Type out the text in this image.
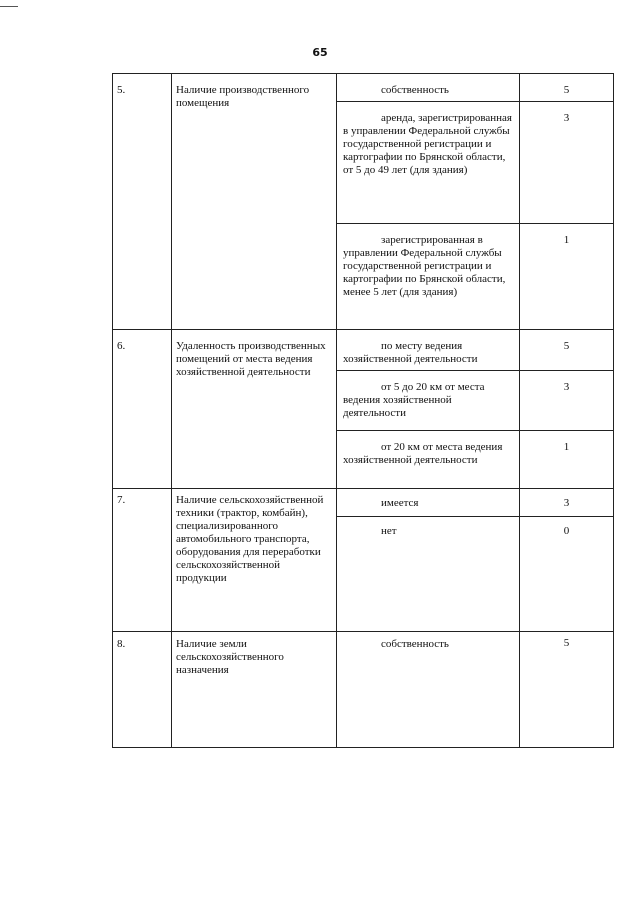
65
5.	Наличие производственного помещения	собственность	5

		аренда, зарегистрированная в управлении Федеральной службы государственной регистрации и картографии по Брянской области, от 5 до 49 лет (для здания)	3

		зарегистрированная в управлении Федеральной службы государственной регистрации и картографии по Брянской области, менее 5 лет (для здания)	1

6.	Удаленность производственных помещений от места ведения хозяйственной деятельности	по месту ведения хозяйственной деятельности	5

		от 5 до 20 км от места ведения хозяйственной деятельности	3

		от 20 км от места ведения хозяйственной деятельности	1

7.	Наличие сельскохозяйственной техники (трактор, комбайн), специализированного автомобильного транспорта, оборудования для переработки сельскохозяйственной продукции	имеется	3

		нет	0

8.	Наличие земли сельскохозяйственного назначения	собственность	5
